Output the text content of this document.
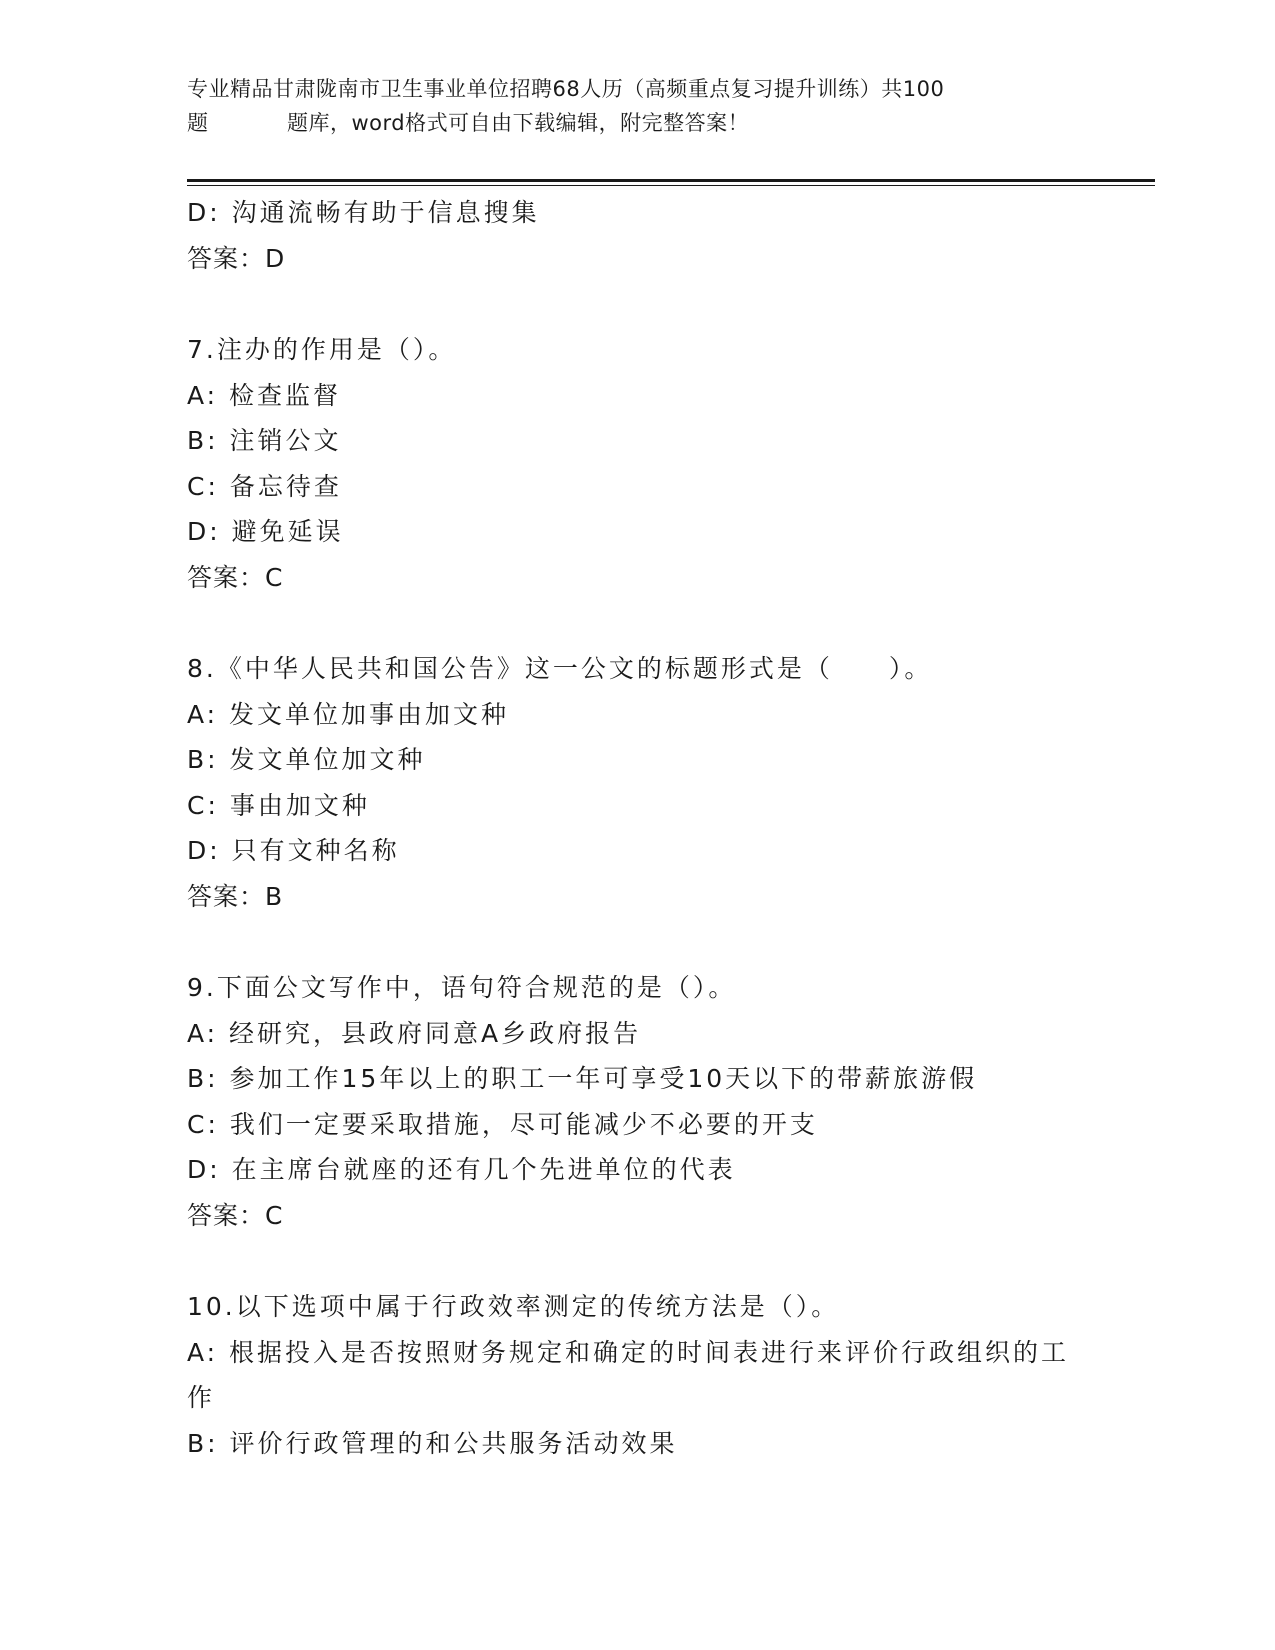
专业精品甘肃陇南市卫生事业单位招聘68人历（高频重点复习提升训练）共100
题	题库，word格式可自由下载编辑，附完整答案！
D: 沟通流畅有助于信息搜集
答案：D
7.注办的作用是（）。
A: 检查监督
B: 注销公文
C: 备忘待查
D: 避免延误
答案：C
8.《中华人民共和国公告》这一公文的标题形式是（　　）。
A: 发文单位加事由加文种
B: 发文单位加文种
C: 事由加文种
D: 只有文种名称
答案：B
9.下面公文写作中，语句符合规范的是（）。
A: 经研究，县政府同意A乡政府报告
B: 参加工作15年以上的职工一年可享受10天以下的带薪旅游假
C: 我们一定要采取措施，尽可能减少不必要的开支
D: 在主席台就座的还有几个先进单位的代表
答案：C
10.以下选项中属于行政效率测定的传统方法是（）。
A: 根据投入是否按照财务规定和确定的时间表进行来评价行政组织的工作
B: 评价行政管理的和公共服务活动效果
